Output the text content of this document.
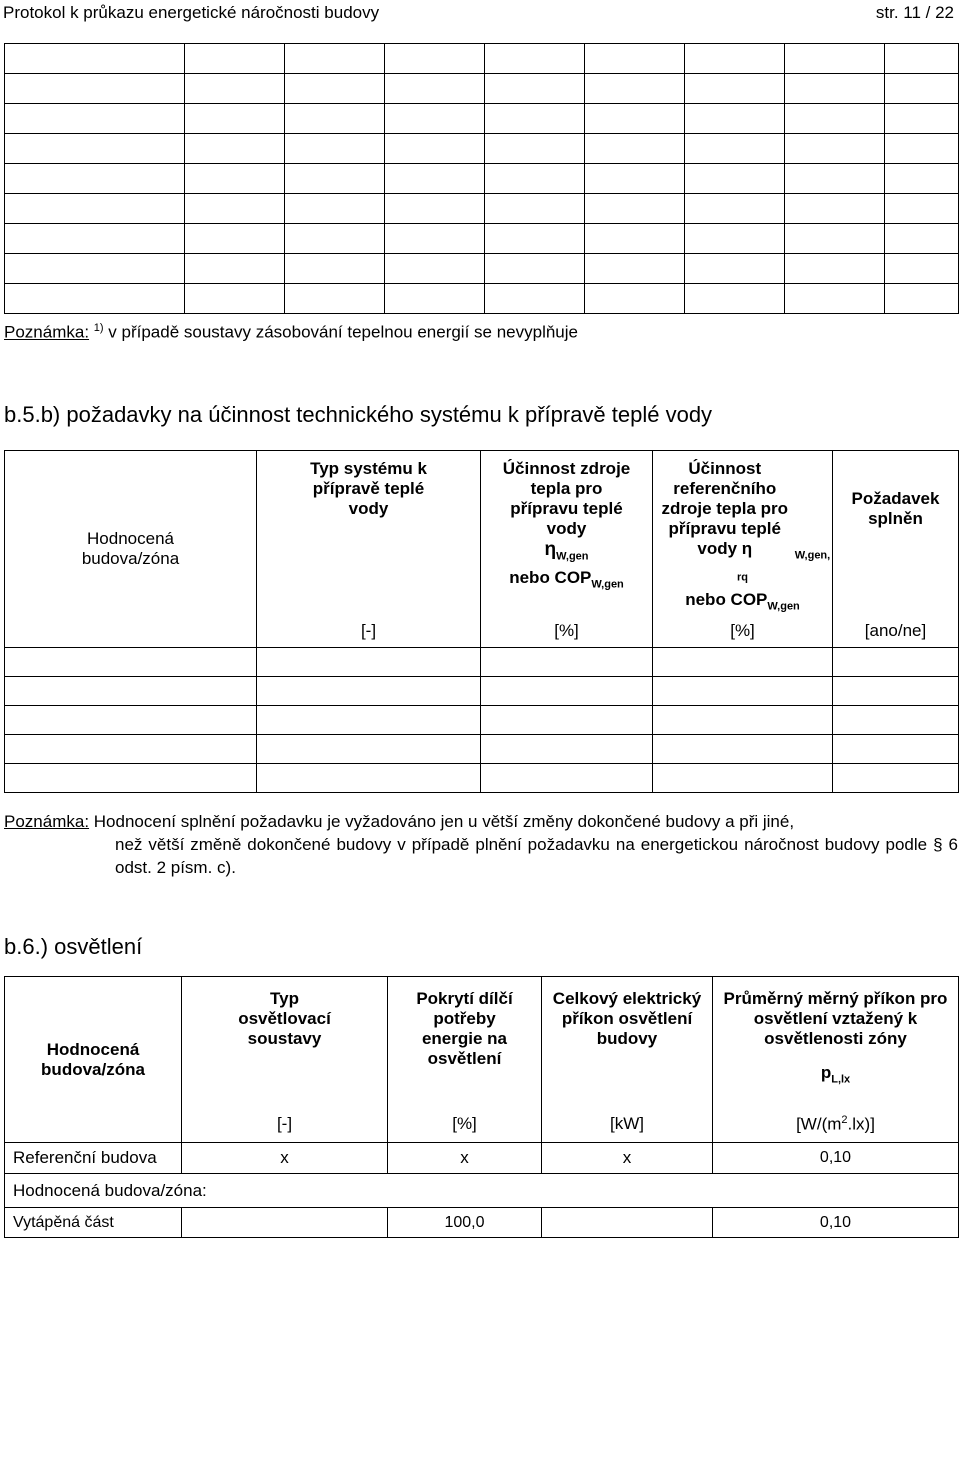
Protokol k průkazu energetické náročnosti budovy	str. 11 / 22

Poznámka: $^{1)}$ v případě soustavy zásobování tepelnou energií se nevyplňuje
b.5.b) požadavky na účinnost technického systému k přípravě teplé vody
Hodnocená budova/zóna	Typ systému k přípravě teplé vody	Účinnost zdroje tepla pro přípravu teplé vody
$\eta_{W,gen}$
nebo $COP_{W,gen}$	Účinnost referenčního zdroje tepla pro přípravu teplé vody η $_{W,gen, rq}$
nebo $COP_{W,gen}$	Požadavek splněn
	[-]	[%]	[%]	[ano/ne]

Poznámka: Hodnocení splnění požadavku je vyžadováno jen u větší změny dokončené budovy a při jiné,
než větší změně dokončené budovy v případě plnění požadavku na energetickou náročnost budovy podle § 6 odst. 2 písm. c).
b.6.) osvětlení
Hodnocená budova/zóna	Typ osvětlovací soustavy	Pokrytí dílčí potřeby energie na osvětlení	Celkový elektrický příkon osvětlení budovy	Průměrný měrný příkon pro osvětlení vztažený k osvětlenosti zóny
$p_{L,lx}$

	[-]	[%]	[kW]	$[W/(m^2.lx)]$
Referenční budova	x	x	x	0,10
Hodnocená budova/zóna:				
Vytápěná část		100,0		0,10
